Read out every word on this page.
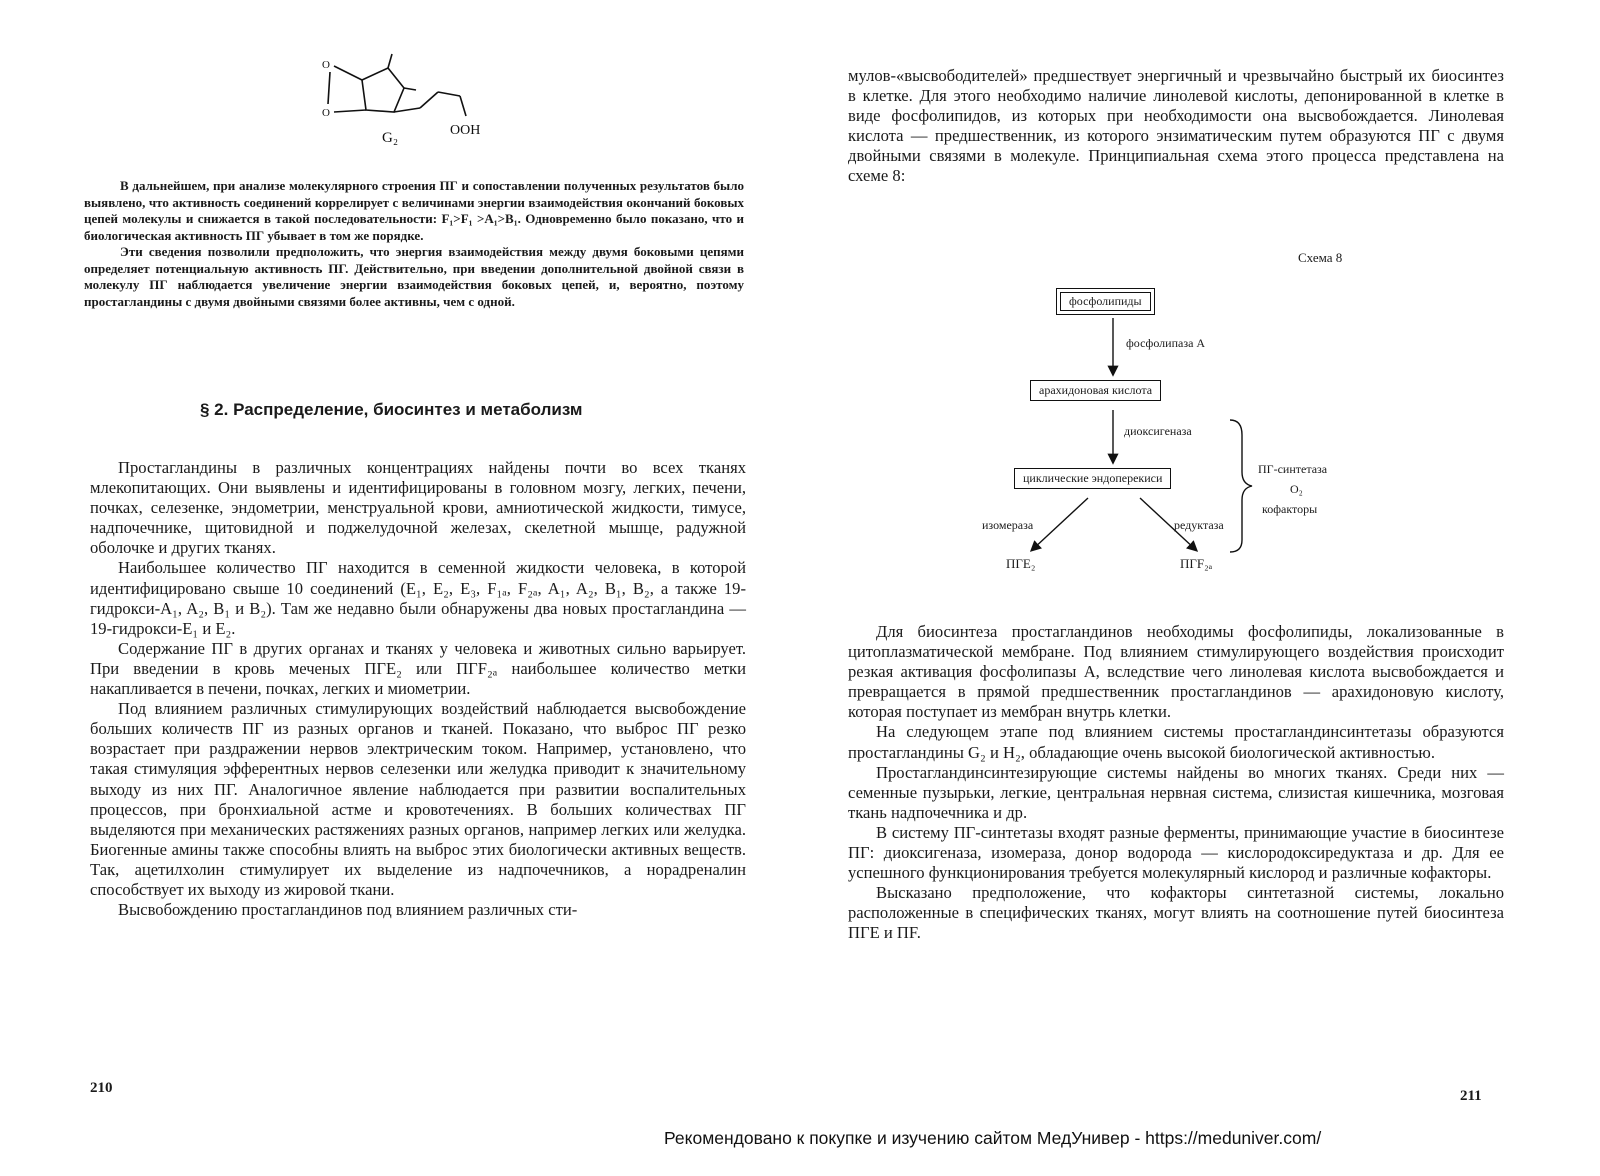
O
O
G₂	OOH

В дальнейшем, при анализе молекулярного строения ПГ и сопоставлении полученных результатов было выявлено, что активность соединений коррелирует с величинами энергии взаимодействия окончаний боковых цепей молекулы и снижается в такой последовательности: F₁>F₁ >A₁>B₁. Одновременно было показано, что и биологическая активность ПГ убывает в том же порядке.

Эти сведения позволили предположить, что энергия взаимодействия между двумя боковыми цепями определяет потенциальную активность ПГ. Действительно, при введении дополнительной двойной связи в молекулу ПГ наблюдается увеличение энергии взаимодействия боковых цепей, и, вероятно, поэтому простагландины с двумя двойными связями более активны, чем с одной.

§ 2. Распределение, биосинтез и метаболизм

Простагландины в различных концентрациях найдены почти во всех тканях млекопитающих. Они выявлены и идентифицированы в головном мозгу, легких, печени, почках, селезенке, эндометрии, менструальной крови, амниотической жидкости, тимусе, надпочечнике, щитовидной и поджелудочной железах, скелетной мышце, радужной оболочке и других тканях.

Наибольшее количество ПГ находится в семенной жидкости человека, в которой идентифицировано свыше 10 соединений (E₁, E₂, E₃, F₁ₐ, F₂ₐ, A₁, A₂, B₁, B₂, а также 19-гидрокси-A₁, A₂, B₁ и B₂). Там же недавно были обнаружены два новых простагландина — 19-гидрокси-E₁ и E₂.

Содержание ПГ в других органах и тканях у человека и животных сильно варьирует. При введении в кровь меченых ПГE₂ или ПГF₂ₐ наибольшее количество метки накапливается в печени, почках, легких и миометрии.

Под влиянием различных стимулирующих воздействий наблюдается высвобождение больших количеств ПГ из разных органов и тканей. Показано, что выброс ПГ резко возрастает при раздражении нервов электрическим током. Например, установлено, что такая стимуляция эфферентных нервов селезенки или желудка приводит к значительному выходу из них ПГ. Аналогичное явление наблюдается при развитии воспалительных процессов, при бронхиальной астме и кровотечениях. В больших количествах ПГ выделяются при механических растяжениях разных органов, например легких или желудка. Биогенные амины также способны влиять на выброс этих биологически активных веществ. Так, ацетилхолин стимулирует их выделение из надпочечников, а норадреналин способствует их выходу из жировой ткани.

Высвобождению простагландинов под влиянием различных сти-

210

мулов-«высвободителей» предшествует энергичный и чрезвычайно быстрый их биосинтез в клетке. Для этого необходимо наличие линолевой кислоты, депонированной в клетке в виде фосфолипидов, из которых при необходимости она высвобождается. Линолевая кислота — предшественник, из которого энзиматическим путем образуются ПГ с двумя двойными связями в молекуле. Принципиальная схема этого процесса представлена на схеме 8:

Схема 8
фосфолипиды
фосфолипаза А
арахидоновая кислота
диоксигеназа
циклические эндоперекиси
изомераза	редуктаза
ПГE₂	ПГF₂ₐ
ПГ-синтетаза
O₂
кофакторы

Для биосинтеза простагландинов необходимы фосфолипиды, локализованные в цитоплазматической мембране. Под влиянием стимулирующего воздействия происходит резкая активация фосфолипазы А, вследствие чего линолевая кислота высвобождается и превращается в прямой предшественник простагландинов — арахидоновую кислоту, которая поступает из мембран внутрь клетки.

На следующем этапе под влиянием системы простагландинсинтетазы образуются простагландины G₂ и H₂, обладающие очень высокой биологической активностью.

Простагландинсинтезирующие системы найдены во многих тканях. Среди них — семенные пузырьки, легкие, центральная нервная система, слизистая кишечника, мозговая ткань надпочечника и др.

В систему ПГ-синтетазы входят разные ферменты, принимающие участие в биосинтезе ПГ: диоксигеназа, изомераза, донор водорода — кислородоксиредуктаза и др. Для ее успешного функционирования требуется молекулярный кислород и различные кофакторы.

Высказано предположение, что кофакторы синтетазной системы, локально расположенные в специфических тканях, могут влиять на соотношение путей биосинтеза ПГE и ПF.

211
Рекомендовано к покупке и изучению сайтом МедУнивер - https://meduniver.com/
